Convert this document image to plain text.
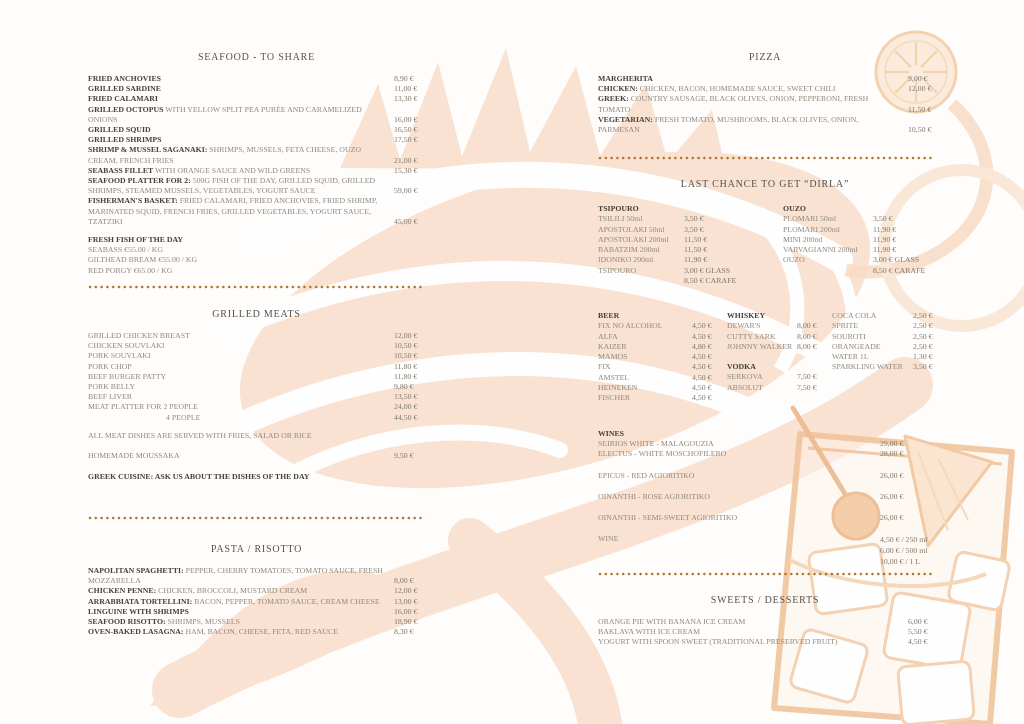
SEAFOOD - TO SHARE
FRIED ANCHOVIES	8,90 €
GRILLED SARDINE	11,00 €
FRIED CALAMARI	13,30 €
GRILLED OCTOPUS WITH YELLOW SPLIT PEA PURÉE AND CARAMELIZED ONIONS	16,00 €
GRILLED SQUID	16,50 €
GRILLED SHRIMPS	17,50 €
SHRIMP & MUSSEL SAGANAKI: SHRIMPS, MUSSELS, FETA CHEESE, OUZO CREAM, FRENCH FRIES	21,00 €
SEABASS FILLET WITH ORANGE SAUCE AND WILD GREENS	15,30 €
SEAFOOD PLATTER FOR 2: 500G FISH OF THE DAY, GRILLED SQUID, GRILLED SHRIMPS, STEAMED MUSSELS, VEGETABLES, YOGURT SAUCE	59,00 €
FISHERMAN'S BASKET: FRIED CALAMARI, FRIED ANCHOVIES, FRIED SHRIMP, MARINATED SQUID, FRENCH FRIES, GRILLED VEGETABLES, YOGURT SAUCE, TZATZIKI	45,00 €
FRESH FISH OF THE DAY
SEABASS €55.00 / KG
GILTHEAD BREAM €55.00 / KG
RED PORGY €65.00 / KG
GRILLED MEATS
GRILLED CHICKEN BREAST	12,00 €
CHICKEN SOUVLAKI	10,50 €
PORK SOUVLAKI	10,50 €
PORK CHOP	11,80 €
BEEF BURGER PATTY	11,80 €
PORK BELLY	9,80 €
BEEF LIVER	13,50 €
MEAT PLATTER FOR 2 PEOPLE	24,00 €
4 PEOPLE	44,50 €
ALL MEAT DISHES ARE SERVED WITH FRIES, SALAD OR RICE
HOMEMADE MOUSSAKA	9,50 €
GREEK CUISINE: ASK US ABOUT THE DISHES OF THE DAY
PASTA / RISOTTO
NAPOLITAN SPAGHETTI: PEPPER, CHERRY TOMATOES, TOMATO SAUCE, FRESH MOZZARELLA	8,00 €
CHICKEN PENNE: CHICKEN, BROCCOLI, MUSTARD CREAM	12,00 €
ARRABBIATA TORTELLINI: BACON, PEPPER, TOMATO SAUCE, CREAM CHEESE	13,00 €
LINGUINE WITH SHRIMPS	16,00 €
SEAFOOD RISOTTO: SHRIMPS, MUSSELS	18,90 €
OVEN-BAKED LASAGNA: HAM, BACON, CHEESE, FETA, RED SAUCE	8,30 €
PIZZA
MARGHERITA	9,00 €
CHICKEN: CHICKEN, BACON, HOMEMADE SAUCE, SWEET CHILI	12,00 €
GREEK: COUNTRY SAUSAGE, BLACK OLIVES, ONION, PEPPERONI, FRESH TOMATO	11,50 €
VEGETARIAN: FRESH TOMATO, MUSHROOMS, BLACK OLIVES, ONION, PARMESAN	10,50 €
LAST CHANCE TO GET “DIRLA”
TSIPOURO
TSILILI 50ml	3,50 €
APOSTOLAKI 50ml	3,50 €
APOSTOLAKI 200ml	11,50 €
BABATZIM 200ml	11,50 €
IDONIKO 200ml	11,90 €
TSIPOURO	3,00 € GLASS
8,50 € CARAFE
OUZO
PLOMARI 50ml	3,50 €
PLOMARI 200ml	11,90 €
MINI 200ml	11,90 €
VARVAGIANNI 200ml	11,90 €
OUZO	3,00 € GLASS
8,50 € CARAFE
BEER
FIX NO ALCOHOL	4,50 €
ALFA	4,50 €
KAIZER	4,80 €
MAMOS	4,50 €
FIX	4,50 €
AMSTEL	4,50 €
HEINEKEN	4,50 €
FISCHER	4,50 €
WHISKEY
DEWAR'S	8,00 €
CUTTY SARK	8,00 €
JOHNNY WALKER 8,00 €
VODKA
SERKOVA	7,50 €
ABSOLUT	7,50 €
COCA COLA	2,50 €
SPRITE	2,50 €
SOUROTI	2,50 €
ORANGEADE	2,50 €
WATER 1L	1,30 €
SPARKLING WATER	3,50 €
WINES
SEIRIOS WHITE - MALAGOUZIA	29,00 €
ELECTUS - WHITE MOSCHOFILERO	28,00 €
EPICUS - RED AGIORITIKO	26,00 €
OINANTHI - ROSE AGIORITIKO	26,00 €
OINANTHI - SEMI-SWEET AGIORITIKO	26,00 €
WINE	4,50 € / 250 ml
6,00 € / 500 ml
10,00 € / 1 L
SWEETS / DESSERTS
ORANGE PIE WITH BANANA ICE CREAM	6,00 €
BAKLAVA WITH ICE CREAM	5,50 €
YOGURT WITH SPOON SWEET (TRADITIONAL PRESERVED FRUIT)	4,50 €
